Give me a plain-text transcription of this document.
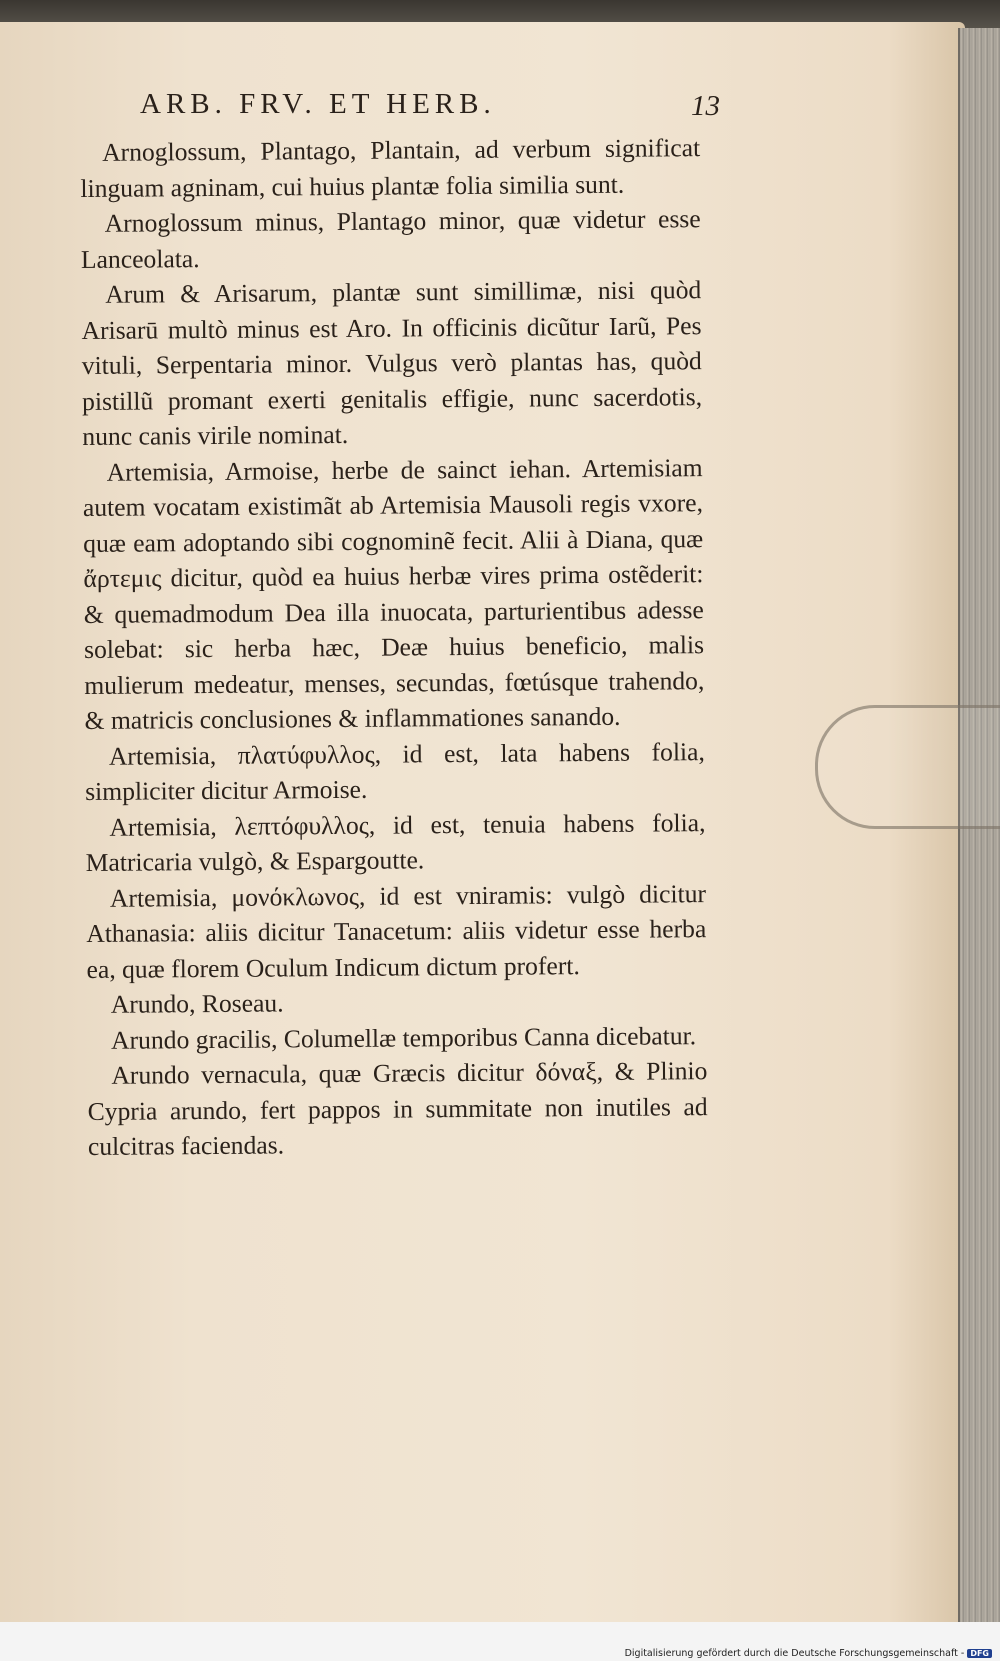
ARB. FRV. ET HERB.	13

Arnoglossum, Plantago, Plantain, ad verbum significat linguam agninam, cui huius plantæ folia similia sunt.

Arnoglossum minus, Plantago minor, quæ videtur esse Lanceolata.

Arum & Arisarum, plantæ sunt simillimæ, nisi quòd Arisarū multò minus est Aro. In officinis dicũtur Iarũ, Pes vituli, Serpentaria minor. Vulgus verò plantas has, quòd pistillũ promant exerti genitalis effigie, nunc sacerdotis, nunc canis virile nominat.

Artemisia, Armoise, herbe de sainct iehan. Artemisiam autem vocatam existimãt ab Artemisia Mausoli regis vxore, quæ eam adoptando sibi cognominẽ fecit. Alii à Diana, quæ ἄρτεμις dicitur, quòd ea huius herbæ vires prima ostẽderit: & quemadmodum Dea illa inuocata, parturientibus adesse solebat: sic herba hæc, Deæ huius beneficio, malis mulierum medeatur, menses, secundas, fœtúsque trahendo, & matricis conclusiones & inflammationes sanando.

Artemisia, πλατύφυλλος, id est, lata habens folia, simpliciter dicitur Armoise.

Artemisia, λεπτόφυλλος, id est, tenuia habens folia, Matricaria vulgò, & Espargoutte.

Artemisia, μονόκλωνος, id est vniramis: vulgò dicitur Athanasia: aliis dicitur Tanacetum: aliis videtur esse herba ea, quæ florem Oculum Indicum dictum profert.

Arundo, Roseau.

Arundo gracilis, Columellæ temporibus Canna dicebatur.

Arundo vernacula, quæ Græcis dicitur δόναξ, & Plinio Cypria arundo, fert pappos in summitate non inutiles ad culcitras faciendas.

Digitalisierung gefördert durch die Deutsche Forschungsgemeinschaft - DFG
